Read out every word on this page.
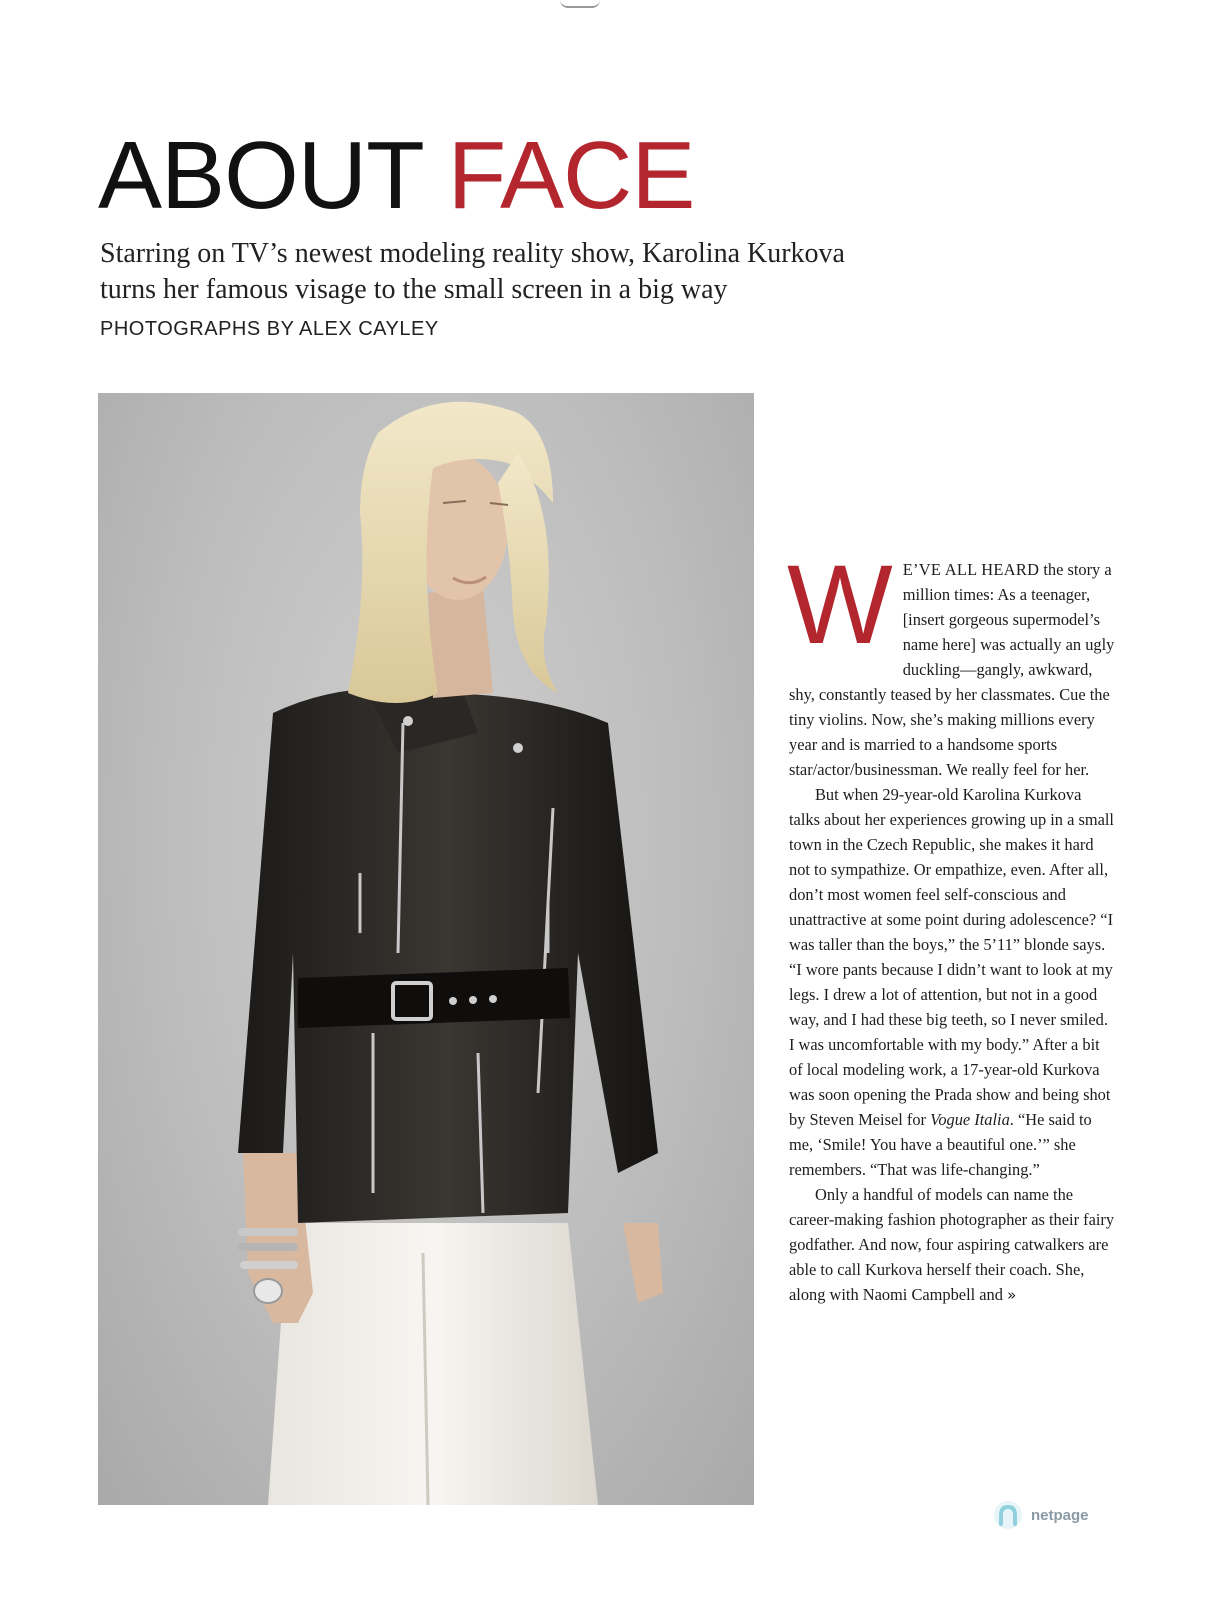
ABOUT FACE
Starring on TV’s newest modeling reality show, Karolina Kurkova
turns her famous visage to the small screen in a big way
PHOTOGRAPHS BY ALEX CAYLEY

W E’VE ALL HEARD the story a million times: As a teenager, [insert gorgeous supermodel’s name here] was actually an ugly duckling—gangly, awkward, shy, constantly teased by her classmates. Cue the tiny violins. Now, she’s making millions every year and is married to a handsome sports star/actor/businessman. We really feel for her.

But when 29-year-old Karolina Kurkova talks about her experiences growing up in a small town in the Czech Republic, she makes it hard not to sympathize. Or empathize, even. After all, don’t most women feel self-conscious and unattractive at some point during adolescence? “I was taller than the boys,” the 5’11” blonde says. “I wore pants because I didn’t want to look at my legs. I drew a lot of attention, but not in a good way, and I had these big teeth, so I never smiled. I was uncomfortable with my body.” After a bit of local modeling work, a 17-year-old Kurkova was soon opening the Prada show and being shot by Steven Meisel for Vogue Italia. “He said to me, ‘Smile! You have a beautiful one.’” she remembers. “That was life-changing.”

Only a handful of models can name the career-making fashion photographer as their fairy godfather. And now, four aspiring catwalkers are able to call Kurkova herself their coach. She, along with Naomi Campbell and »

netpage
